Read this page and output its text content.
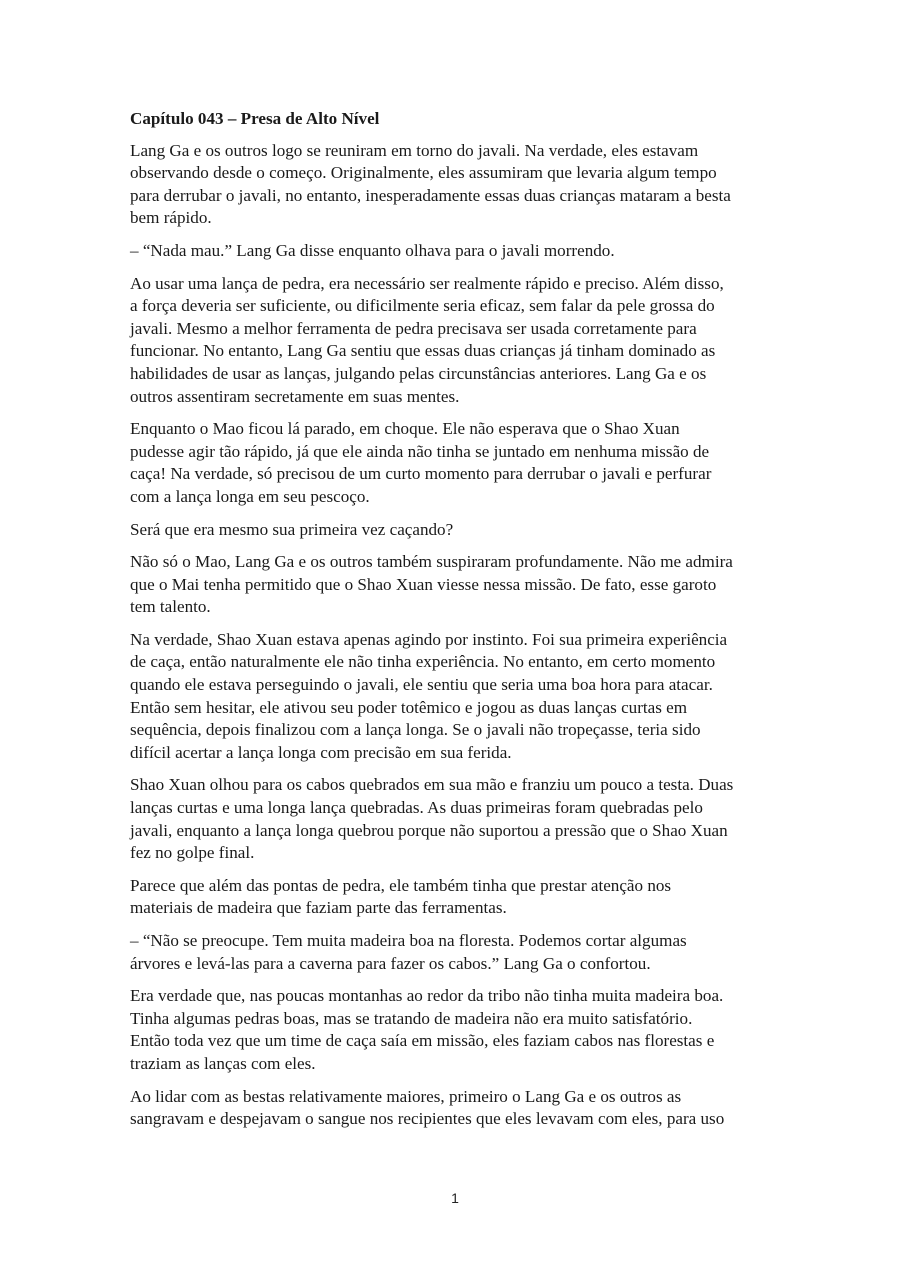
Capítulo 043 – Presa de Alto Nível

Lang Ga e os outros logo se reuniram em torno do javali. Na verdade, eles estavam
observando desde o começo. Originalmente, eles assumiram que levaria algum tempo
para derrubar o javali, no entanto, inesperadamente essas duas crianças mataram a besta
bem rápido.

– “Nada mau.” Lang Ga disse enquanto olhava para o javali morrendo.

Ao usar uma lança de pedra, era necessário ser realmente rápido e preciso. Além disso,
a força deveria ser suficiente, ou dificilmente seria eficaz, sem falar da pele grossa do
javali. Mesmo a melhor ferramenta de pedra precisava ser usada corretamente para
funcionar. No entanto, Lang Ga sentiu que essas duas crianças já tinham dominado as
habilidades de usar as lanças, julgando pelas circunstâncias anteriores. Lang Ga e os
outros assentiram secretamente em suas mentes.

Enquanto o Mao ficou lá parado, em choque. Ele não esperava que o Shao Xuan
pudesse agir tão rápido, já que ele ainda não tinha se juntado em nenhuma missão de
caça! Na verdade, só precisou de um curto momento para derrubar o javali e perfurar
com a lança longa em seu pescoço.

Será que era mesmo sua primeira vez caçando?

Não só o Mao, Lang Ga e os outros também suspiraram profundamente. Não me admira
que o Mai tenha permitido que o Shao Xuan viesse nessa missão. De fato, esse garoto
tem talento.

Na verdade, Shao Xuan estava apenas agindo por instinto. Foi sua primeira experiência
de caça, então naturalmente ele não tinha experiência. No entanto, em certo momento
quando ele estava perseguindo o javali, ele sentiu que seria uma boa hora para atacar.
Então sem hesitar, ele ativou seu poder totêmico e jogou as duas lanças curtas em
sequência, depois finalizou com a lança longa. Se o javali não tropeçasse, teria sido
difícil acertar a lança longa com precisão em sua ferida.

Shao Xuan olhou para os cabos quebrados em sua mão e franziu um pouco a testa. Duas
lanças curtas e uma longa lança quebradas. As duas primeiras foram quebradas pelo
javali, enquanto a lança longa quebrou porque não suportou a pressão que o Shao Xuan
fez no golpe final.

Parece que além das pontas de pedra, ele também tinha que prestar atenção nos
materiais de madeira que faziam parte das ferramentas.

– “Não se preocupe. Tem muita madeira boa na floresta. Podemos cortar algumas
árvores e levá-las para a caverna para fazer os cabos.” Lang Ga o confortou.

Era verdade que, nas poucas montanhas ao redor da tribo não tinha muita madeira boa.
Tinha algumas pedras boas, mas se tratando de madeira não era muito satisfatório.
Então toda vez que um time de caça saía em missão, eles faziam cabos nas florestas e
traziam as lanças com eles.

Ao lidar com as bestas relativamente maiores, primeiro o Lang Ga e os outros as
sangravam e despejavam o sangue nos recipientes que eles levavam com eles, para uso

1
